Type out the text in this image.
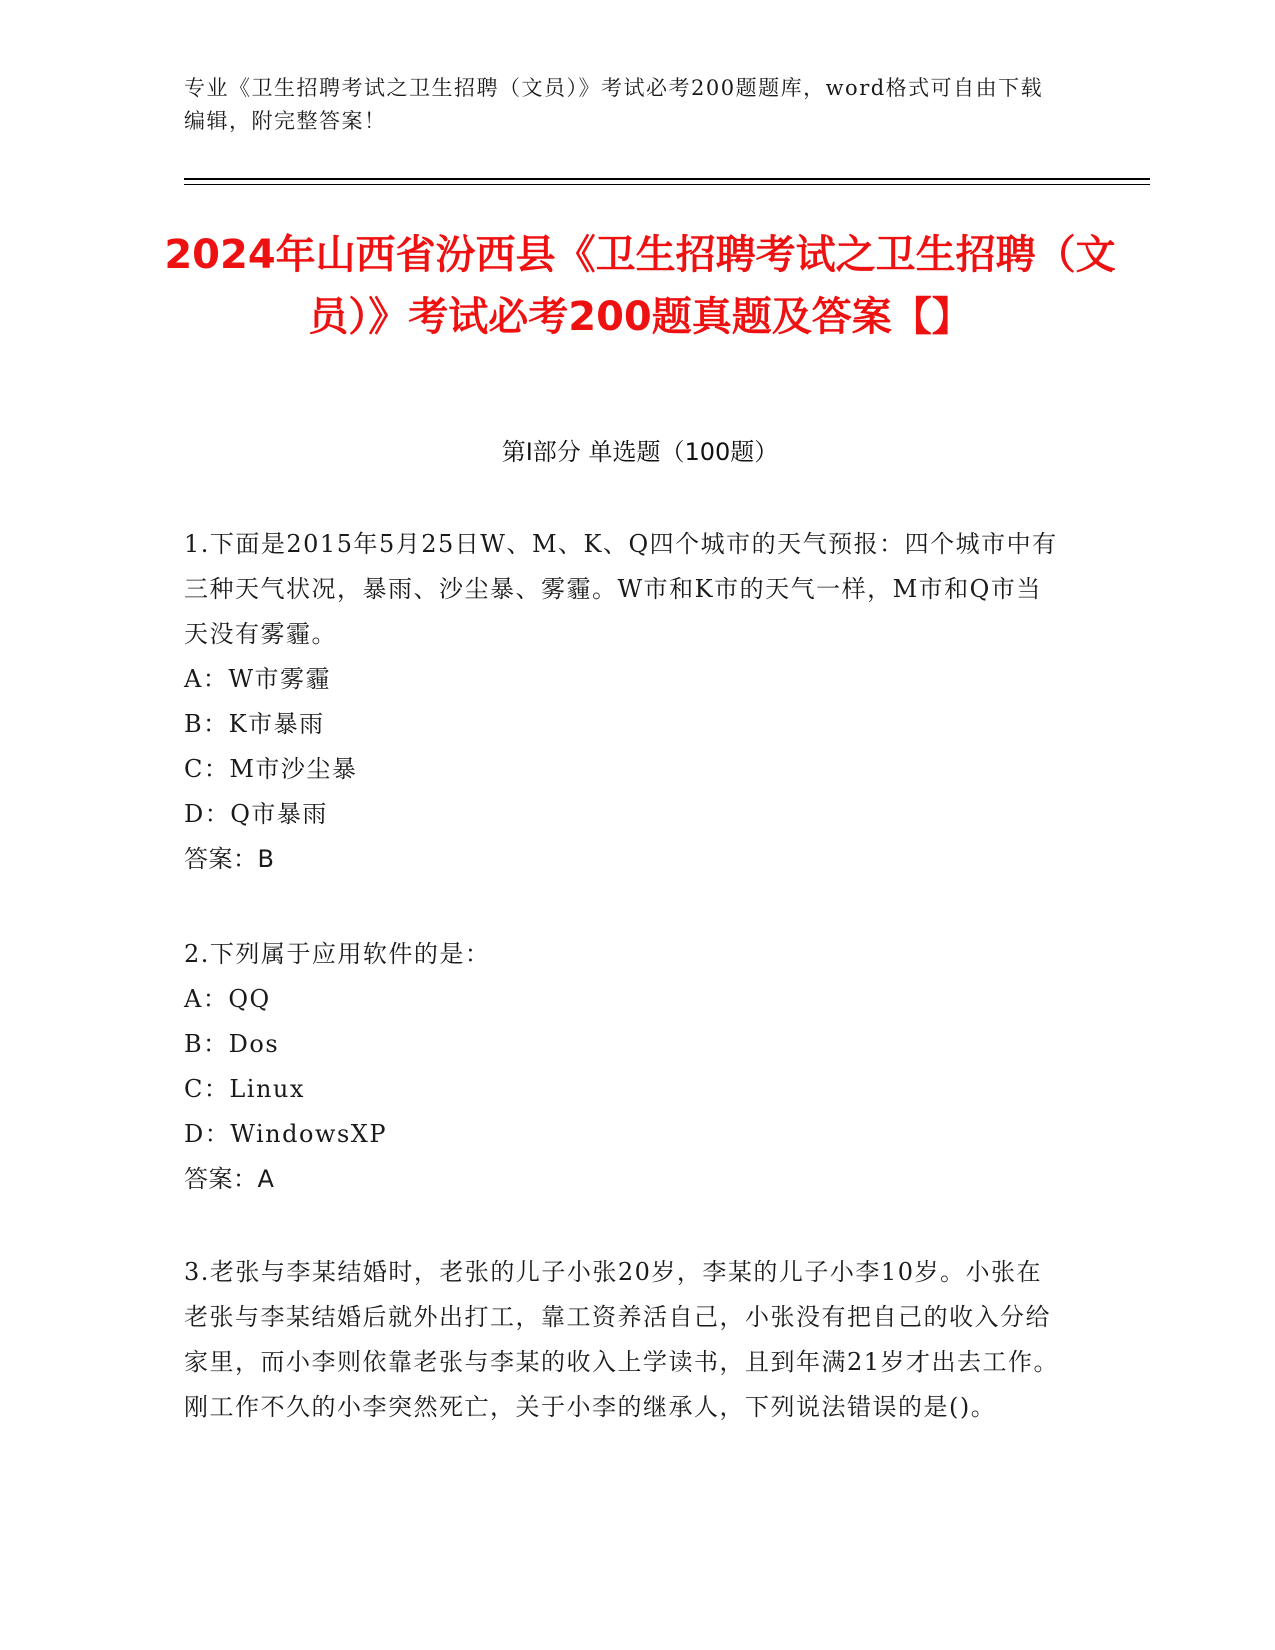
专业《卫生招聘考试之卫生招聘（文员）》考试必考200题题库，word格式可自由下载编辑，附完整答案！
2024年山西省汾西县《卫生招聘考试之卫生招聘（文员）》考试必考200题真题及答案【】
第Ⅰ部分 单选题（100题）
1.下面是2015年5月25日W、M、K、Q四个城市的天气预报：四个城市中有三种天气状况，暴雨、沙尘暴、雾霾。W市和K市的天气一样，M市和Q市当天没有雾霾。
A：W市雾霾
B：K市暴雨
C：M市沙尘暴
D：Q市暴雨
答案：B
2.下列属于应用软件的是：
A：QQ
B：Dos
C：Linux
D：WindowsXP
答案：A
3.老张与李某结婚时，老张的儿子小张20岁，李某的儿子小李10岁。小张在老张与李某结婚后就外出打工，靠工资养活自己，小张没有把自己的收入分给家里，而小李则依靠老张与李某的收入上学读书，且到年满21岁才出去工作。刚工作不久的小李突然死亡，关于小李的继承人，下列说法错误的是()。
